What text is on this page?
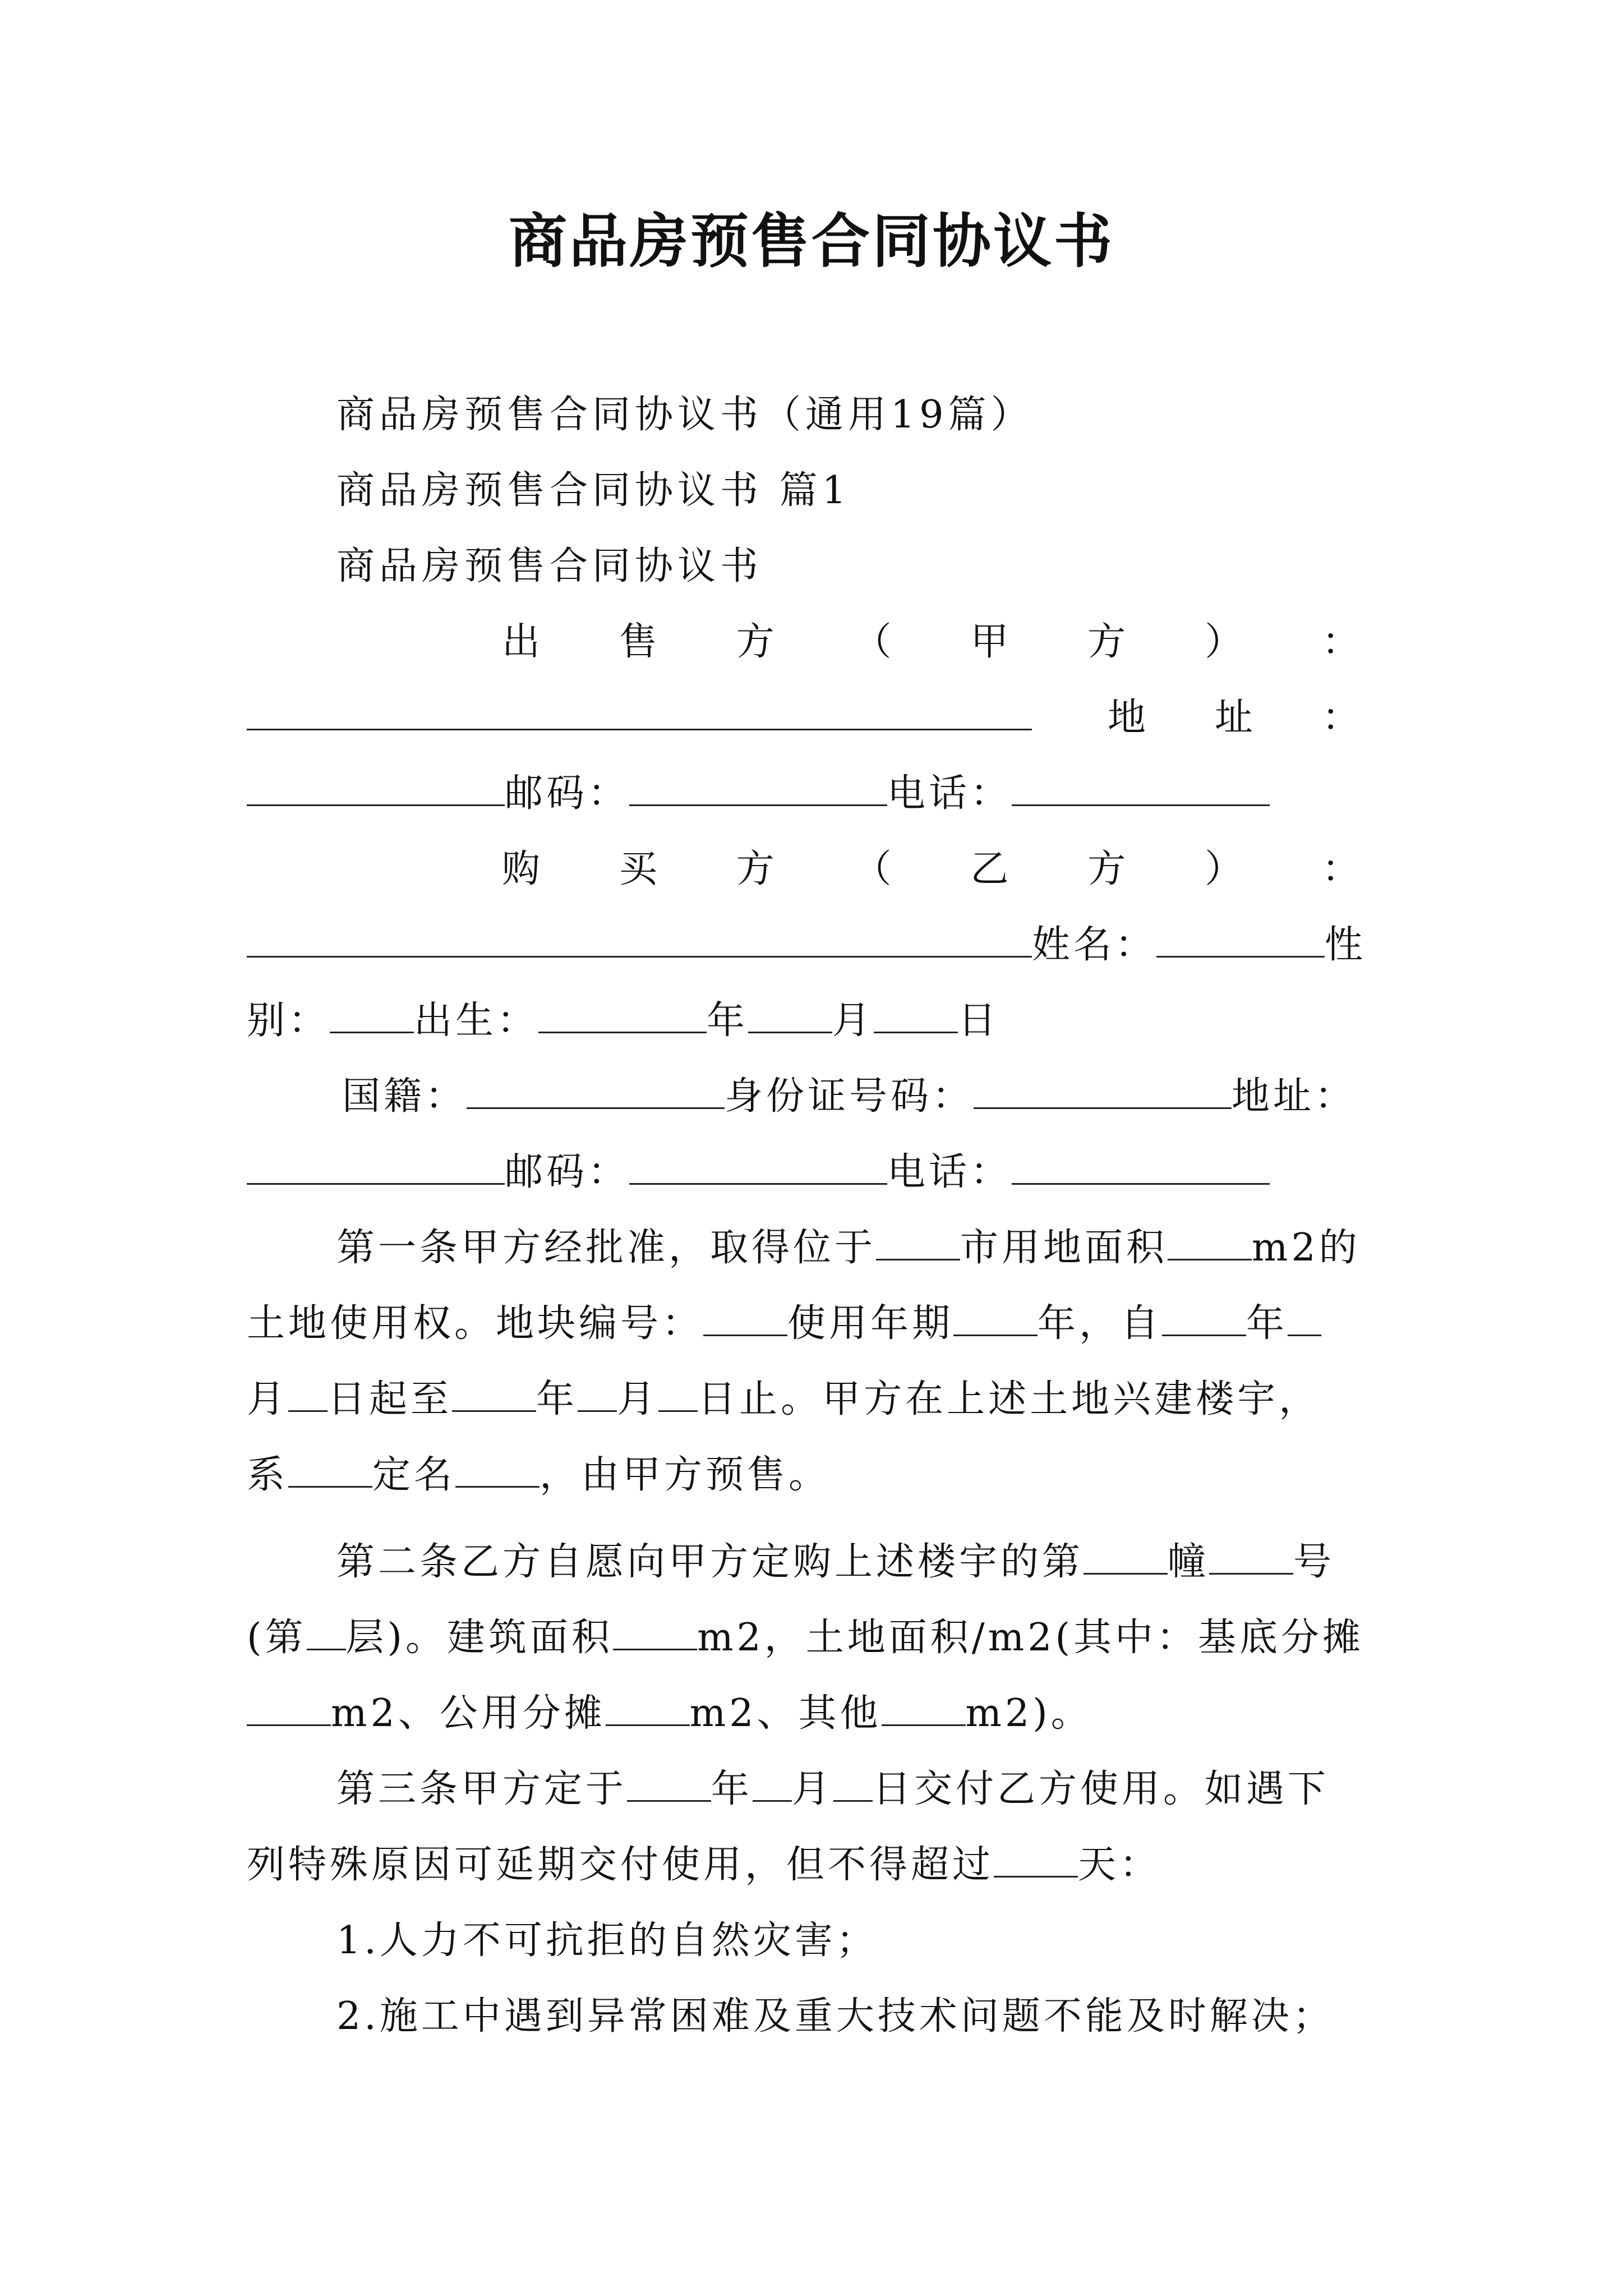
商品房预售合同协议书
商品房预售合同协议书（通用19篇）
商品房预售合同协议书 篇1
商品房预售合同协议书
出 售 方 （ 甲 方 ） ：
地 址 ：
邮码：	电话：
购 买 方 （ 乙 方 ） ：
姓名：	性
别： 出生：	年 月 日
国籍：	身份证号码：	地址：
邮码：	电话：
第一条甲方经批准，取得位于 市用地面积 m2的
土地使用权。地块编号： 使用年期 年，自 年
月 日起至 年 月 日止。甲方在上述土地兴建楼宇，
系 定名 ，由甲方预售。
第二条乙方自愿向甲方定购上述楼宇的第 幢 号
(第 层)。建筑面积 m2，土地面积/m2(其中：基底分摊
m2、公用分摊 m2、其他 m2)。
第三条甲方定于 年 月 日交付乙方使用。如遇下
列特殊原因可延期交付使用，但不得超过 天：
1.人力不可抗拒的自然灾害；
2.施工中遇到异常困难及重大技术问题不能及时解决；
